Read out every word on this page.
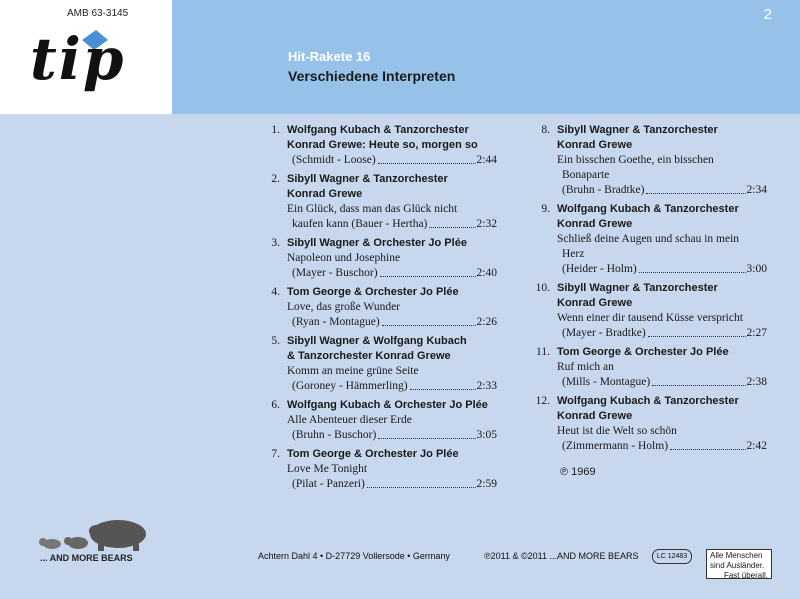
AMB 63-3145
tip
2
Hit-Rakete 16
Verschiedene Interpreten
1. Wolfgang Kubach & Tanzorchester
Konrad Grewe: Heute so, morgen so
(Schmidt - Loose)	2:44
2. Sibyll Wagner & Tanzorchester
Konrad Grewe
Ein Glück, dass man das Glück nicht
kaufen kann (Bauer - Hertha)	2:32
3. Sibyll Wagner & Orchester Jo Plée
Napoleon und Josephine
(Mayer - Buschor)	2:40
4. Tom George & Orchester Jo Plée
Love, das große Wunder
(Ryan - Montague)	2:26
5. Sibyll Wagner & Wolfgang Kubach
& Tanzorchester Konrad Grewe
Komm an meine grüne Seite
(Goroney - Hämmerling)	2:33
6. Wolfgang Kubach & Orchester Jo Plée
Alle Abenteuer dieser Erde
(Bruhn - Buschor)	3:05
7. Tom George & Orchester Jo Plée
Love Me Tonight
(Pilat - Panzeri)	2:59
8. Sibyll Wagner & Tanzorchester
Konrad Grewe
Ein bisschen Goethe, ein bisschen
Bonaparte
(Bruhn - Bradtke)	2:34
9. Wolfgang Kubach & Tanzorchester
Konrad Grewe
Schließ deine Augen und schau in mein
Herz
(Heider - Holm)	3:00
10. Sibyll Wagner & Tanzorchester
Konrad Grewe
Wenn einer dir tausend Küsse verspricht
(Mayer - Bradtke)	2:27
11. Tom George & Orchester Jo Plée
Ruf mich an
(Mills - Montague)	2:38
12. Wolfgang Kubach & Tanzorchester
Konrad Grewe
Heut ist die Welt so schön
(Zimmermann - Holm)	2:42
℗ 1969
... AND MORE BEARS	Achtern Dahl 4 • D-27729 Vollersode • Germany	℗2011 & ©2011 ...AND MORE BEARS	LC 12483	Alle Menschen
sind Ausländer.
Fast überall.
